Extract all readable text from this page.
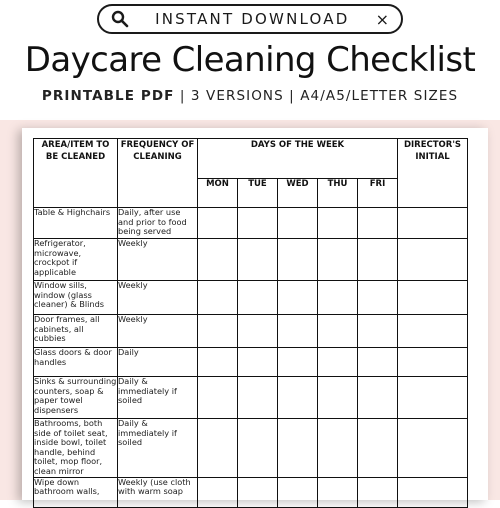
INSTANT DOWNLOAD	×
Daycare Cleaning Checklist
PRINTABLE PDF | 3 VERSIONS | A4/A5/LETTER SIZES
AREA/ITEM TO BE CLEANED	FREQUENCY OF CLEANING	DAYS OF THE WEEK					DIRECTOR'S INITIAL
		MON	TUE	WED	THU	FRI	
Table & Highchairs	Daily, after use and prior to food being served						
Refrigerator, microwave, crockpot if applicable	Weekly						
Window sills, window (glass cleaner) & Blinds	Weekly						
Door frames, all cabinets, all cubbies	Weekly						
Glass doors & door handles	Daily						
Sinks & surrounding counters, soap & paper towel dispensers	Daily & immediately if soiled						
Bathrooms, both side of toilet seat, inside bowl, toilet handle, behind toilet, mop floor, clean mirror	Daily & immediately if soiled						
Wipe down bathroom walls,	Weekly (use cloth with warm soap						
